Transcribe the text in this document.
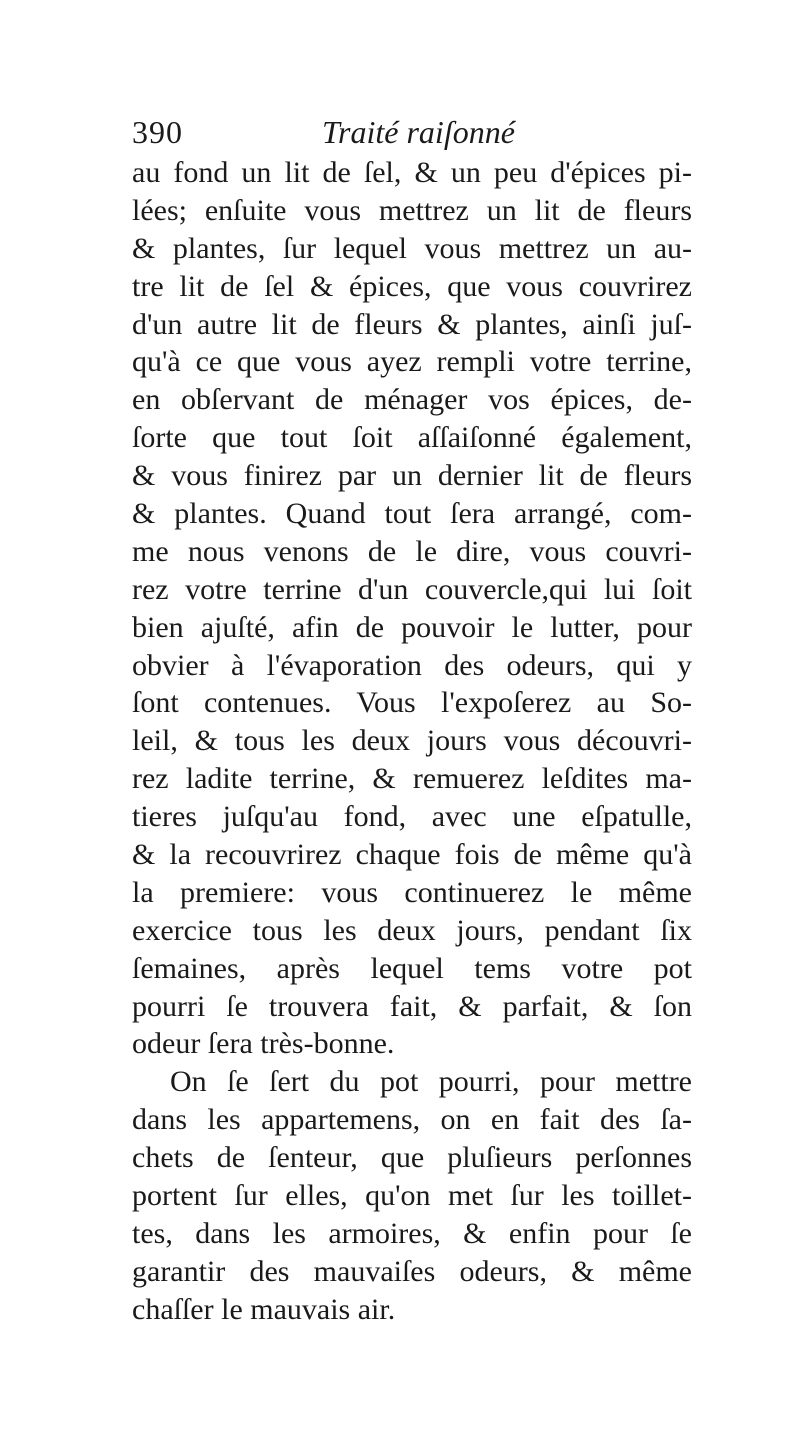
390	Traité raiſonné
au fond un lit de ſel, & un peu d'épices pi-
lées; enſuite vous mettrez un lit de fleurs
& plantes, ſur lequel vous mettrez un au-
tre lit de ſel & épices, que vous couvrirez
d'un autre lit de fleurs & plantes, ainſi juſ-
qu'à ce que vous ayez rempli votre terrine,
en obſervant de ménager vos épices, de-
ſorte que tout ſoit aſſaiſonné également,
& vous finirez par un dernier lit de fleurs
& plantes. Quand tout ſera arrangé, com-
me nous venons de le dire, vous couvri-
rez votre terrine d'un couvercle,qui lui ſoit
bien ajuſté, afin de pouvoir le lutter, pour
obvier à l'évaporation des odeurs, qui y
ſont contenues. Vous l'expoſerez au So-
leil, & tous les deux jours vous découvri-
rez ladite terrine, & remuerez leſdites ma-
tieres juſqu'au fond, avec une eſpatulle,
& la recouvrirez chaque fois de même qu'à
la premiere: vous continuerez le même
exercice tous les deux jours, pendant ſix
ſemaines, après lequel tems votre pot
pourri ſe trouvera fait, & parfait, & ſon
odeur ſera très-bonne.
On ſe ſert du pot pourri, pour mettre
dans les appartemens, on en fait des ſa-
chets de ſenteur, que pluſieurs perſonnes
portent ſur elles, qu'on met ſur les toillet-
tes, dans les armoires, & enfin pour ſe
garantir des mauvaiſes odeurs, & même
chaſſer le mauvais air.
